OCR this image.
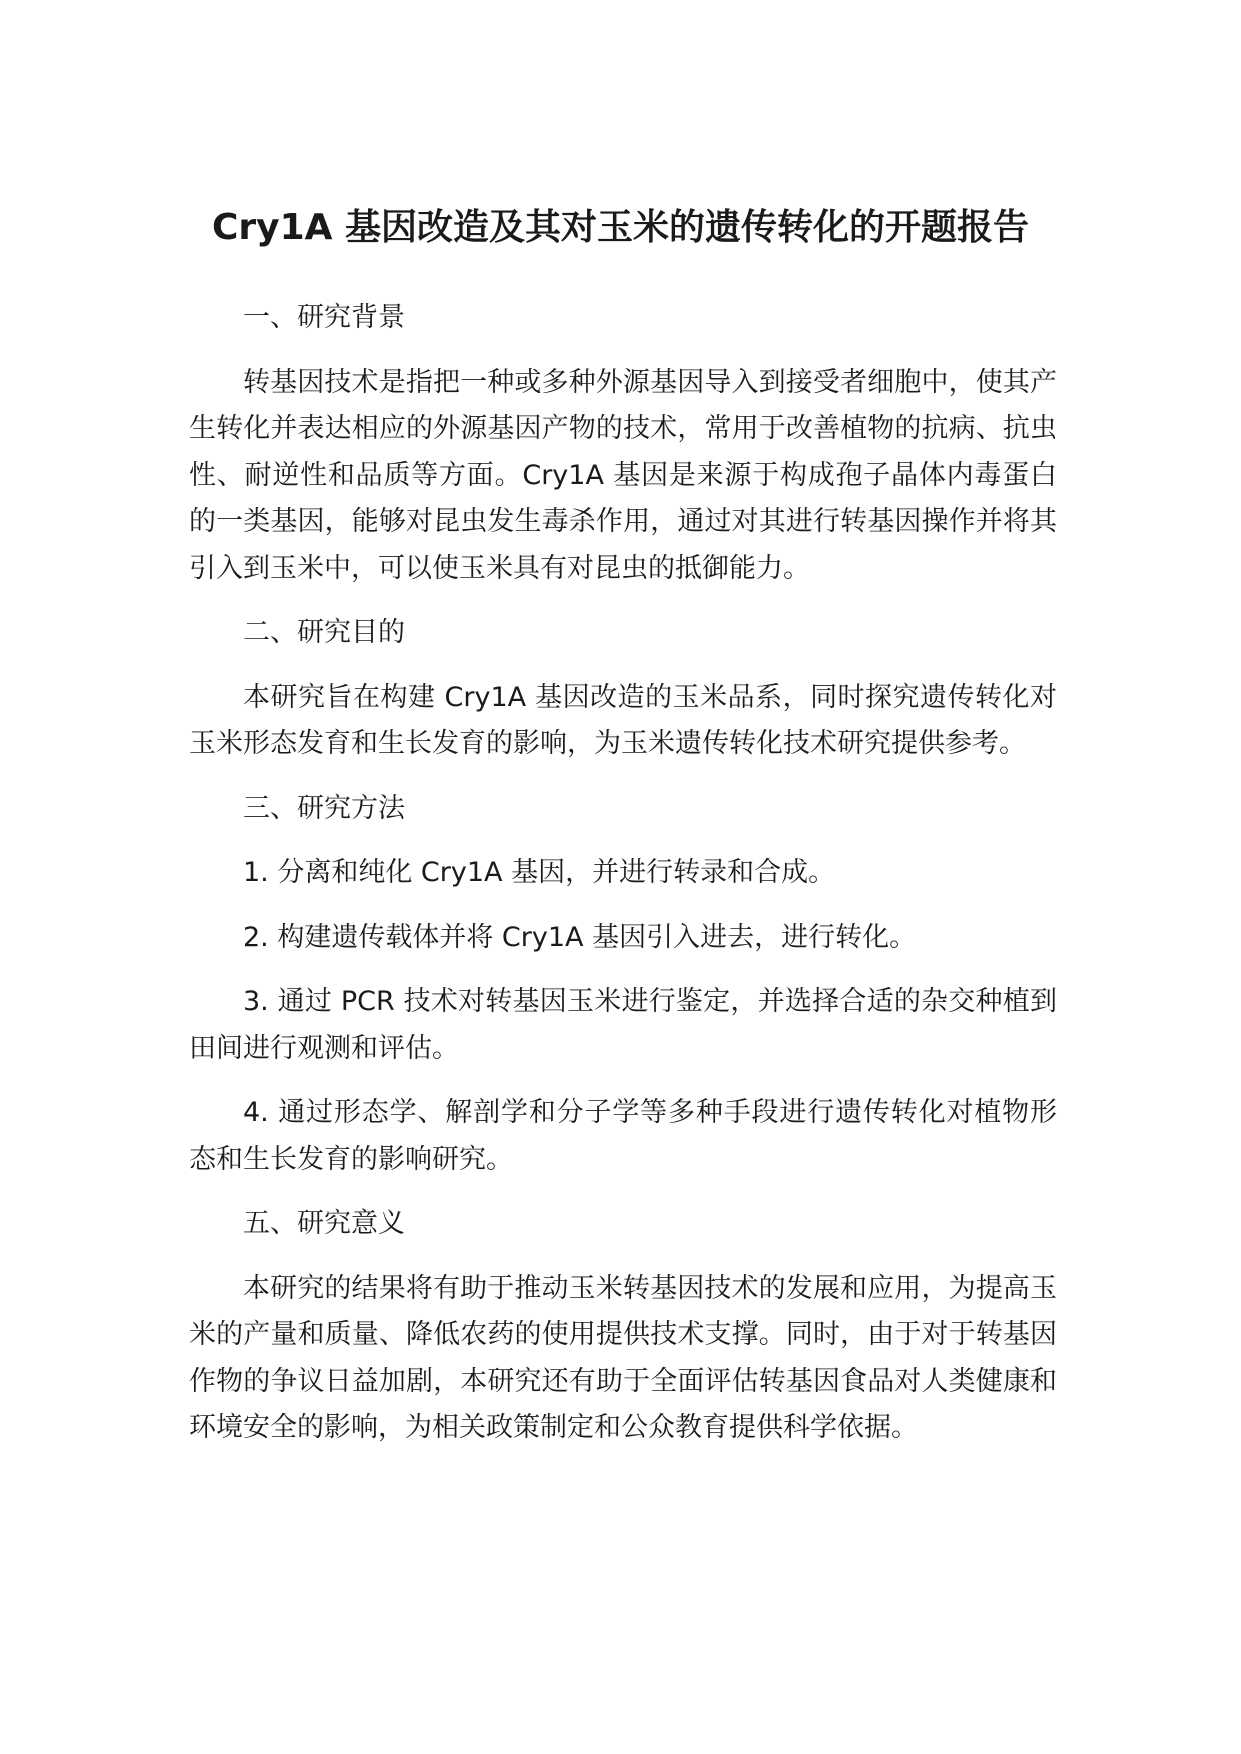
Cry1A 基因改造及其对玉米的遗传转化的开题报告

一、研究背景

转基因技术是指把一种或多种外源基因导入到接受者细胞中，使其产生转化并表达相应的外源基因产物的技术，常用于改善植物的抗病、抗虫性、耐逆性和品质等方面。Cry1A 基因是来源于构成孢子晶体内毒蛋白的一类基因，能够对昆虫发生毒杀作用，通过对其进行转基因操作并将其引入到玉米中，可以使玉米具有对昆虫的抵御能力。

二、研究目的

本研究旨在构建 Cry1A 基因改造的玉米品系，同时探究遗传转化对玉米形态发育和生长发育的影响，为玉米遗传转化技术研究提供参考。

三、研究方法

1. 分离和纯化 Cry1A 基因，并进行转录和合成。

2. 构建遗传载体并将 Cry1A 基因引入进去，进行转化。

3. 通过 PCR 技术对转基因玉米进行鉴定，并选择合适的杂交种植到田间进行观测和评估。

4. 通过形态学、解剖学和分子学等多种手段进行遗传转化对植物形态和生长发育的影响研究。

五、研究意义

本研究的结果将有助于推动玉米转基因技术的发展和应用，为提高玉米的产量和质量、降低农药的使用提供技术支撑。同时，由于对于转基因作物的争议日益加剧，本研究还有助于全面评估转基因食品对人类健康和环境安全的影响，为相关政策制定和公众教育提供科学依据。
